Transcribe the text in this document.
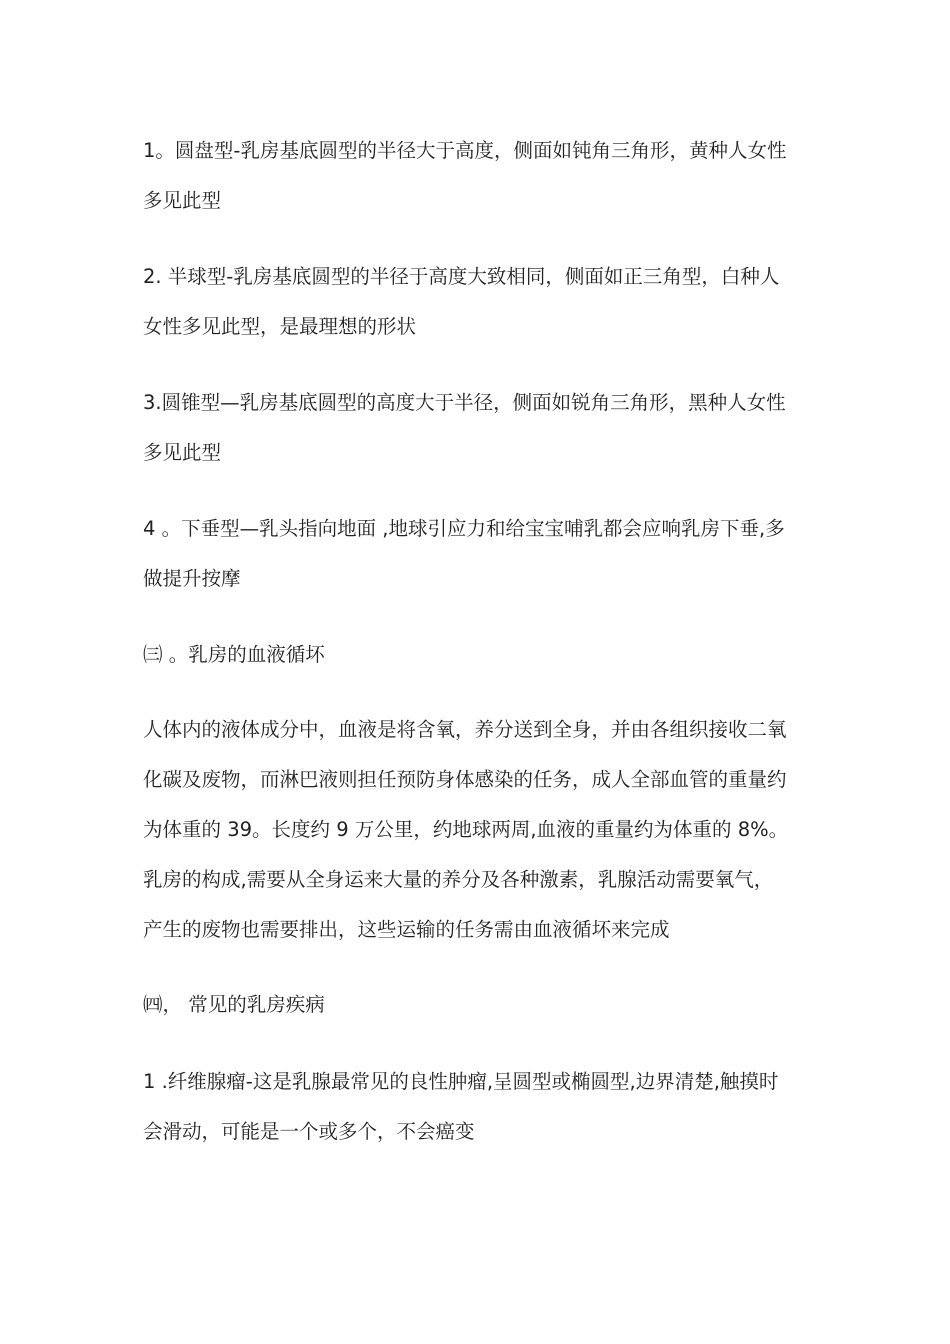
1。圆盘型-乳房基底圆型的半径大于高度，侧面如钝角三角形，黄种人女性
多见此型

2. 半球型-乳房基底圆型的半径于高度大致相同，侧面如正三角型，白种人
女性多见此型，是最理想的形状

3.圆锥型—乳房基底圆型的高度大于半径，侧面如锐角三角形，黑种人女性
多见此型

4 。下垂型—乳头指向地面 ,地球引应力和给宝宝哺乳都会应响乳房下垂,多
做提升按摩

㈢ 。乳房的血液循坏

人体内的液体成分中，血液是将含氧，养分送到全身，并由各组织接收二氧
化碳及废物，而淋巴液则担任预防身体感染的任务，成人全部血管的重量约
为体重的 39。长度约 9 万公里，约地球两周,血液的重量约为体重的 8%。
乳房的构成,需要从全身运来大量的养分及各种激素，乳腺活动需要氧气，
产生的废物也需要排出，这些运输的任务需由血液循坏来完成

㈣， 常见的乳房疾病

1 .纤维腺瘤-这是乳腺最常见的良性肿瘤,呈圆型或椭圆型,边界清楚,触摸时
会滑动，可能是一个或多个，不会癌变
